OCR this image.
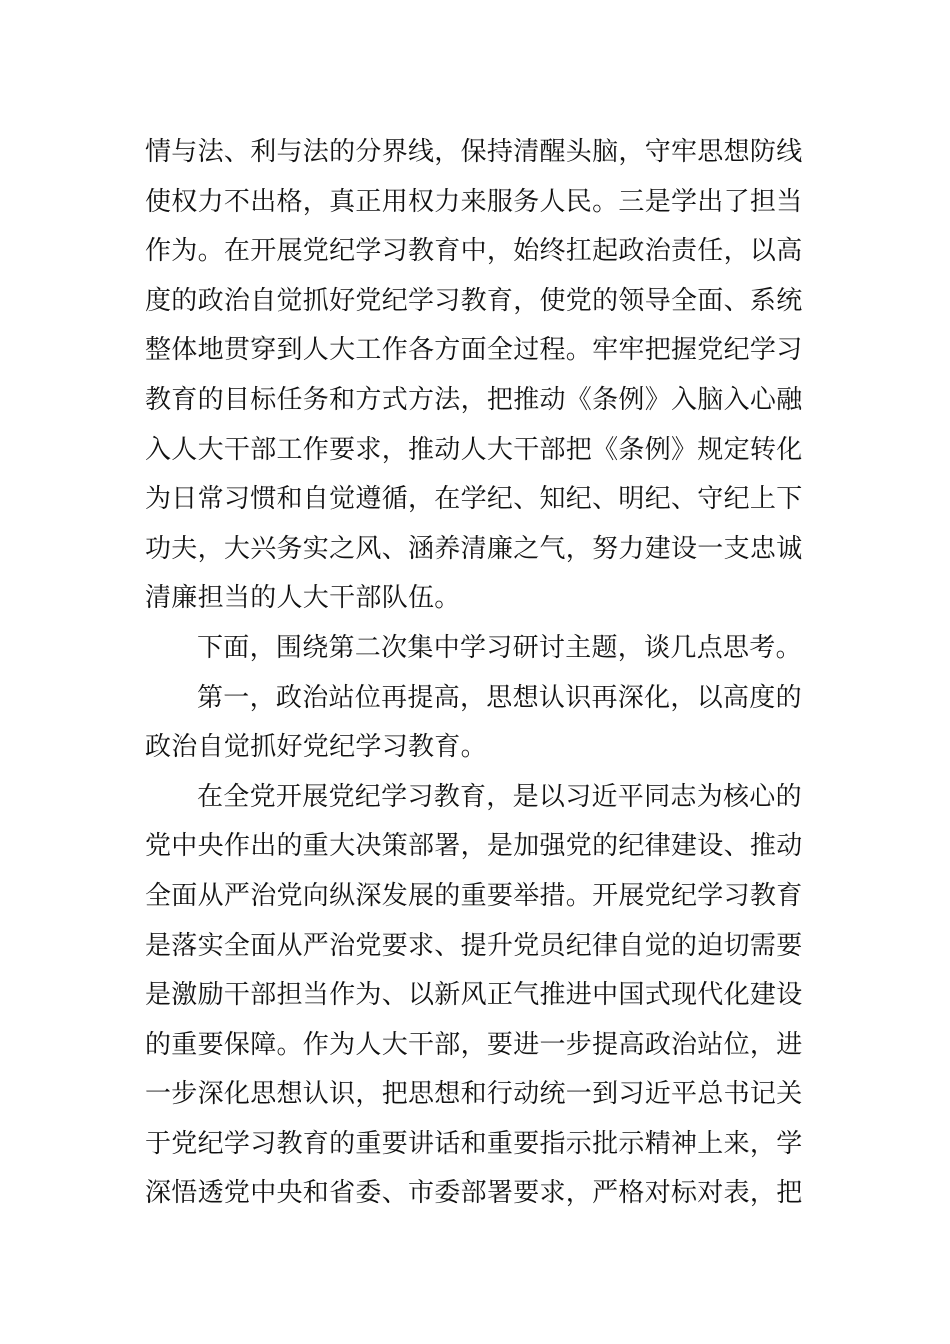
情与法、利与法的分界线，保持清醒头脑，守牢思想防线
使权力不出格，真正用权力来服务人民。三是学出了担当
作为。在开展党纪学习教育中，始终扛起政治责任，以高
度的政治自觉抓好党纪学习教育，使党的领导全面、系统
整体地贯穿到人大工作各方面全过程。牢牢把握党纪学习
教育的目标任务和方式方法，把推动《条例》入脑入心融
入人大干部工作要求，推动人大干部把《条例》规定转化
为日常习惯和自觉遵循，在学纪、知纪、明纪、守纪上下
功夫，大兴务实之风、涵养清廉之气，努力建设一支忠诚
清廉担当的人大干部队伍。
下面，围绕第二次集中学习研讨主题，谈几点思考。
第一，政治站位再提高，思想认识再深化，以高度的
政治自觉抓好党纪学习教育。
在全党开展党纪学习教育，是以习近平同志为核心的
党中央作出的重大决策部署，是加强党的纪律建设、推动
全面从严治党向纵深发展的重要举措。开展党纪学习教育
是落实全面从严治党要求、提升党员纪律自觉的迫切需要
是激励干部担当作为、以新风正气推进中国式现代化建设
的重要保障。作为人大干部，要进一步提高政治站位，进
一步深化思想认识，把思想和行动统一到习近平总书记关
于党纪学习教育的重要讲话和重要指示批示精神上来，学
深悟透党中央和省委、市委部署要求，严格对标对表，把
